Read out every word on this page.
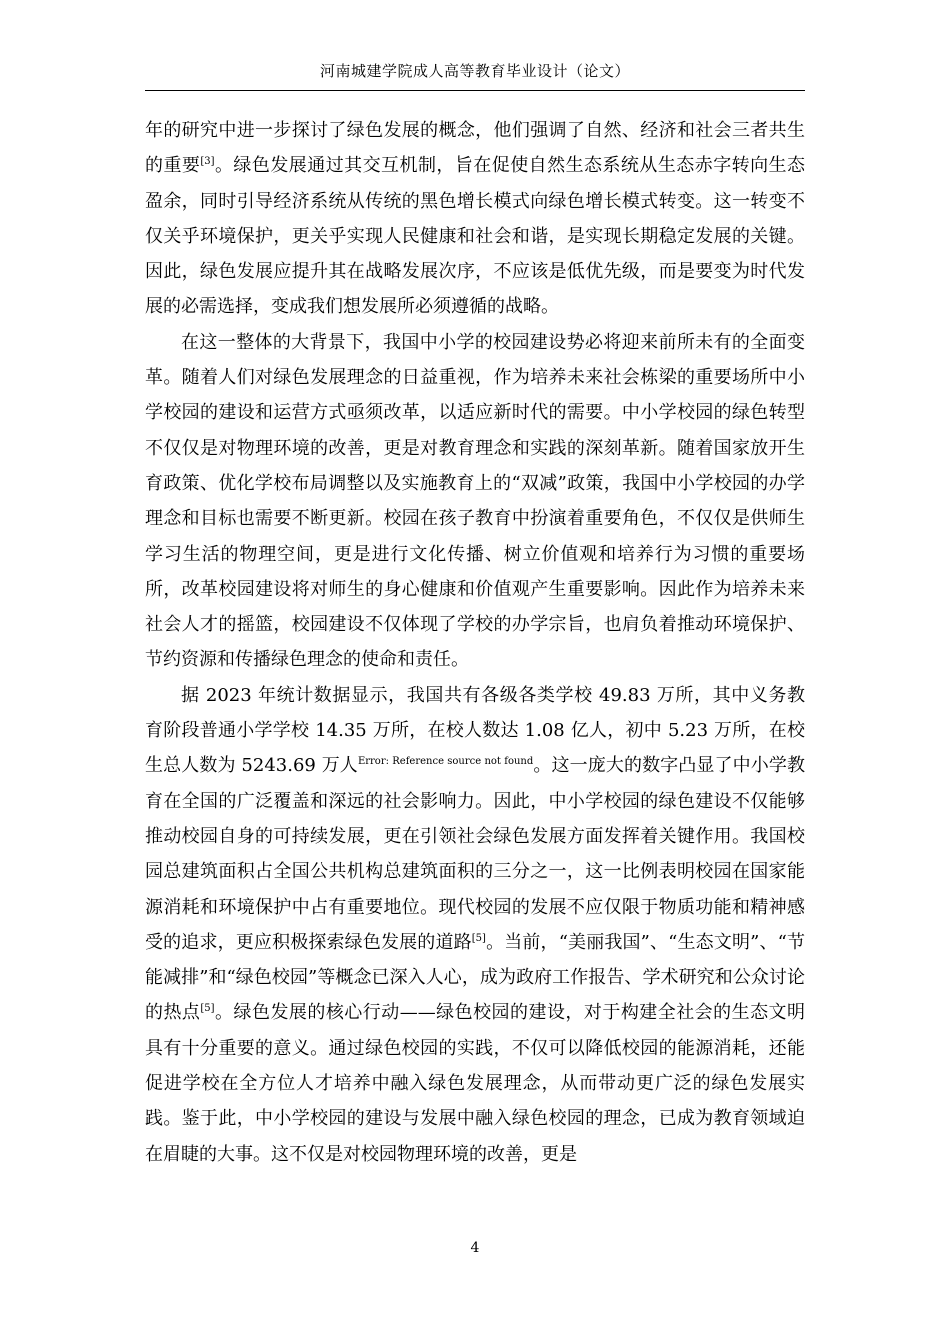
河南城建学院成人高等教育毕业设计（论文）

年的研究中进一步探讨了绿色发展的概念，他们强调了自然、经济和社会三者共生的重要[3]。绿色发展通过其交互机制，旨在促使自然生态系统从生态赤字转向生态盈余，同时引导经济系统从传统的黑色增长模式向绿色增长模式转变。这一转变不仅关乎环境保护，更关乎实现人民健康和社会和谐，是实现长期稳定发展的关键。因此，绿色发展应提升其在战略发展次序，不应该是低优先级，而是要变为时代发展的必需选择，变成我们想发展所必须遵循的战略。

在这一整体的大背景下，我国中小学的校园建设势必将迎来前所未有的全面变革。随着人们对绿色发展理念的日益重视，作为培养未来社会栋梁的重要场所中小学校园的建设和运营方式亟须改革，以适应新时代的需要。中小学校园的绿色转型不仅仅是对物理环境的改善，更是对教育理念和实践的深刻革新。随着国家放开生育政策、优化学校布局调整以及实施教育上的“双减”政策，我国中小学校园的办学理念和目标也需要不断更新。校园在孩子教育中扮演着重要角色，不仅仅是供师生学习生活的物理空间，更是进行文化传播、树立价值观和培养行为习惯的重要场所，改革校园建设将对师生的身心健康和价值观产生重要影响。因此作为培养未来社会人才的摇篮，校园建设不仅体现了学校的办学宗旨，也肩负着推动环境保护、节约资源和传播绿色理念的使命和责任。

据 2023 年统计数据显示，我国共有各级各类学校 49.83 万所，其中义务教育阶段普通小学学校 14.35 万所，在校人数达 1.08 亿人，初中 5.23 万所，在校生总人数为 5243.69 万人$^{Error: Reference source not found}$。这一庞大的数字凸显了中小学教育在全国的广泛覆盖和深远的社会影响力。因此，中小学校园的绿色建设不仅能够推动校园自身的可持续发展，更在引领社会绿色发展方面发挥着关键作用。我国校园总建筑面积占全国公共机构总建筑面积的三分之一，这一比例表明校园在国家能源消耗和环境保护中占有重要地位。现代校园的发展不应仅限于物质功能和精神感受的追求，更应积极探索绿色发展的道路[5]。当前，“美丽我国”、“生态文明”、“节能减排”和“绿色校园”等概念已深入人心，成为政府工作报告、学术研究和公众讨论的热点[5]。绿色发展的核心行动——绿色校园的建设，对于构建全社会的生态文明具有十分重要的意义。通过绿色校园的实践，不仅可以降低校园的能源消耗，还能促进学校在全方位人才培养中融入绿色发展理念，从而带动更广泛的绿色发展实践。鉴于此，中小学校园的建设与发展中融入绿色校园的理念，已成为教育领域迫在眉睫的大事。这不仅是对校园物理环境的改善，更是

4
